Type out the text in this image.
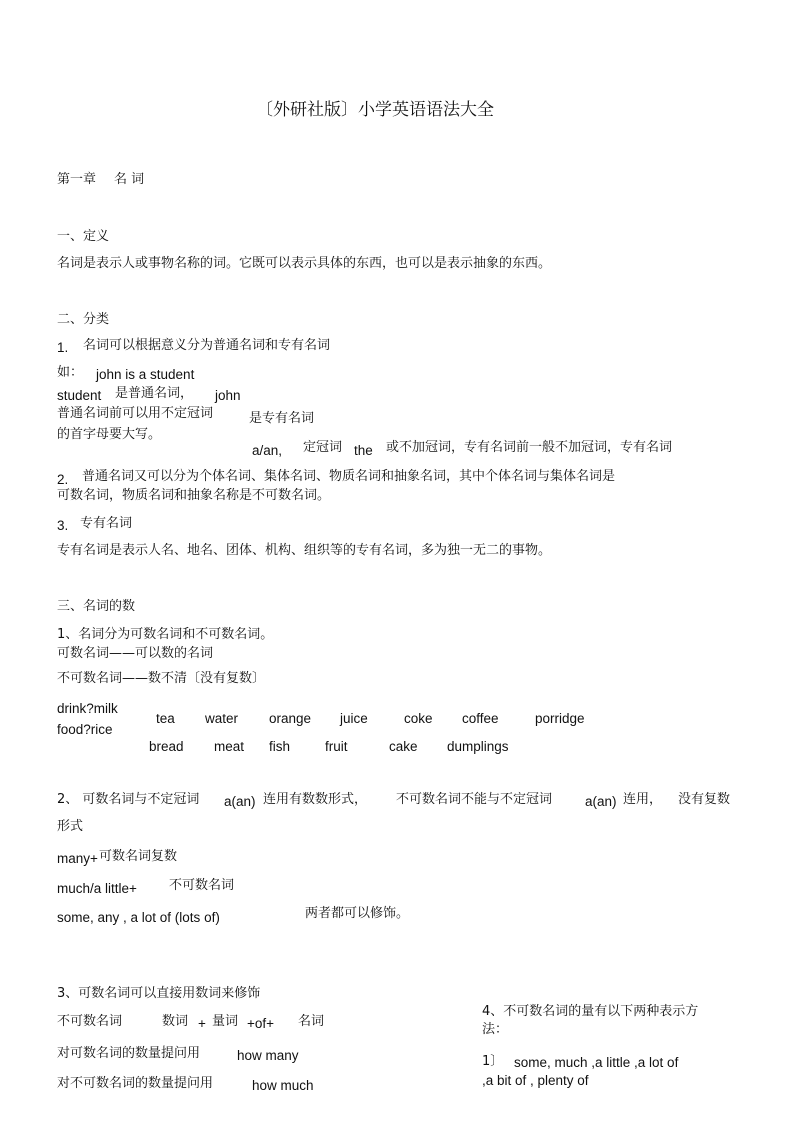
〔外研社版〕小学英语语法大全
第一章 名 词
一、定义
名词是表示人或事物名称的词。它既可以表示具体的东西，也可以是表示抽象的东西。
二、分类
1. 名词可以根据意义分为普通名词和专有名词
如： john is a student
student 是普通名词， john
普通名词前可以用不定冠词	是专有名词
的首字母要大写。
a/an, 定冠词 the 或不加冠词，专有名词前一般不加冠词，专有名词
2. 普通名词又可以分为个体名词、集体名词、物质名词和抽象名词，其中个体名词与集体名词是
可数名词，物质名词和抽象名称是不可数名词。
3. 专有名词
专有名词是表示人名、地名、团体、机构、组织等的专有名词，多为独一无二的事物。
三、名词的数
1、名词分为可数名词和不可数名词。
可数名词——可以数的名词
不可数名词——数不清〔没有复数〕
drink?milk
food?rice
tea water orange juice	coke coffee	porridge
bread meat fish	fruit	cake dumplings
2、 可数名词与不定冠词 a(an) 连用有数数形式， 不可数名词不能与不定冠词 a(an) 连用， 没有复数
形式
many+ 可数名词复数
much/a little+ 不可数名词
some, any , a lot of (lots of)	两者都可以修饰。
3、可数名词可以直接用数词来修饰
不可数名词	数词 + 量词 +of+ 名词
对可数名词的数量提问用	how many
对不可数名词的数量提问用	how much
4、不可数名词的量有以下两种表示方
法：
1〕 some, much ,a little ,a lot of
,a bit of , plenty of
